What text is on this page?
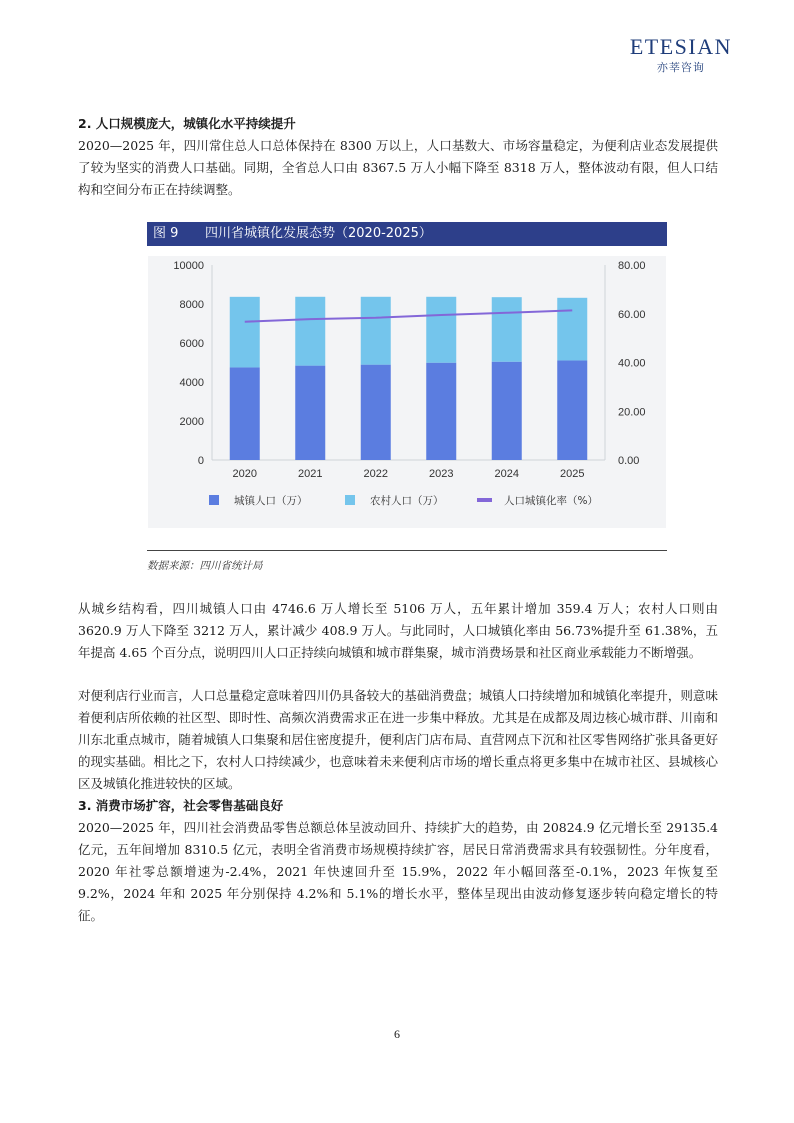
ETESIAN
亦莘咨询
2. 人口规模庞大，城镇化水平持续提升

2020—2025 年，四川常住总人口总体保持在 8300 万以上，人口基数大、市场容量稳定，为便利店业态发展提供了较为坚实的消费人口基础。同期，全省总人口由 8367.5 万人小幅下降至 8318 万人，整体波动有限，但人口结构和空间分布正在持续调整。

图 9 四川省城镇化发展态势（2020-2025）
0
2000
4000
6000
8000
10000
0.00
20.00
40.00
60.00
80.00
2020	2021	2022	2023	2024	2025
城镇人口（万）	农村人口（万）	人口城镇化率（%）
数据来源：四川省统计局

从城乡结构看，四川城镇人口由 4746.6 万人增长至 5106 万人，五年累计增加 359.4 万人；农村人口则由 3620.9 万人下降至 3212 万人，累计减少 408.9 万人。与此同时，人口城镇化率由 56.73%提升至 61.38%，五年提高 4.65 个百分点，说明四川人口正持续向城镇和城市群集聚，城市消费场景和社区商业承载能力不断增强。

对便利店行业而言，人口总量稳定意味着四川仍具备较大的基础消费盘；城镇人口持续增加和城镇化率提升，则意味着便利店所依赖的社区型、即时性、高频次消费需求正在进一步集中释放。尤其是在成都及周边核心城市群、川南和川东北重点城市，随着城镇人口集聚和居住密度提升，便利店门店布局、直营网点下沉和社区零售网络扩张具备更好的现实基础。相比之下，农村人口持续减少，也意味着未来便利店市场的增长重点将更多集中在城市社区、县城核心区及城镇化推进较快的区域。

3. 消费市场扩容，社会零售基础良好

2020—2025 年，四川社会消费品零售总额总体呈波动回升、持续扩大的趋势，由 20824.9 亿元增长至 29135.4 亿元，五年间增加 8310.5 亿元，表明全省消费市场规模持续扩容，居民日常消费需求具有较强韧性。分年度看，2020 年社零总额增速为-2.4%，2021 年快速回升至 15.9%，2022 年小幅回落至-0.1%，2023 年恢复至 9.2%，2024 年和 2025 年分别保持 4.2%和 5.1%的增长水平，整体呈现出由波动修复逐步转向稳定增长的特征。

6
